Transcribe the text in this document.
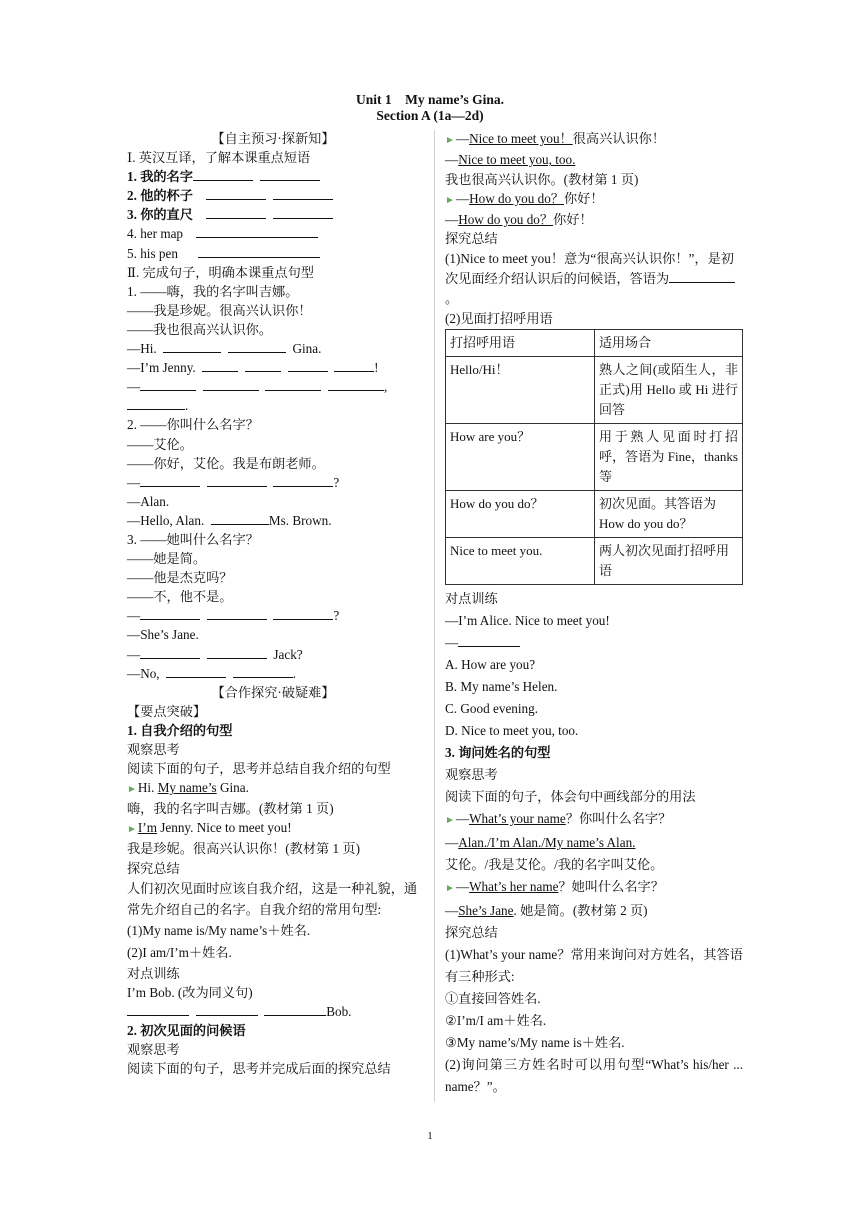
Unit 1　My name’s Gina.
Section A (1a—2d)
【自主预习·探新知】
Ⅰ. 英汉互译，了解本课重点短语
1. 我的名字
2. 他的杯子
3. 你的直尺
4. her map
5. his pen
Ⅱ. 完成句子，明确本课重点句型
1. ——嗨，我的名字叫吉娜。
——我是珍妮。很高兴认识你！
——我也很高兴认识你。
—Hi.	Gina.
—I’m Jenny.	!
—	,
.
2. ——你叫什么名字？
——艾伦。
——你好，艾伦。我是布朗老师。
—	?
—Alan.
—Hello, Alan.	Ms. Brown.
3. ——她叫什么名字？
——她是简。
——他是杰克吗？
——不，他不是。
—	?
—She’s Jane.
—	Jack?
—No,	.
【合作探究·破疑难】
【要点突破】
1. 自我介绍的句型
观察思考
阅读下面的句子，思考并总结自我介绍的句型
►Hi. My name’s Gina.
嗨，我的名字叫吉娜。(教材第 1 页)
►I’m Jenny. Nice to meet you!
我是珍妮。很高兴认识你！(教材第 1 页)
探究总结
人们初次见面时应该自我介绍，这是一种礼貌，通常先介绍自己的名字。自我介绍的常用句型:
(1)My name is/My name’s＋姓名.
(2)I am/I’m＋姓名.
对点训练
I’m Bob. (改为同义句)
Bob.
2. 初次见面的问候语
观察思考
阅读下面的句子，思考并完成后面的探究总结
►—Nice to meet you！很高兴认识你！
—Nice to meet you, too.
我也很高兴认识你。(教材第 1 页)
►—How do you do？你好！
—How do you do？你好！
探究总结
(1)Nice to meet you！意为“很高兴认识你！”，是初次见面经介绍认识后的问候语，答语为。
(2)见面打招呼用语
打招呼用语	适用场合
Hello/Hi！	熟人之间(或陌生人，非正式)用 Hello 或 Hi 进行回答
How are you？	用于熟人见面时打招呼，答语为 Fine，thanks 等
How do you do？	初次见面。其答语为 How do you do？
Nice to meet you.	两人初次见面打招呼用语
对点训练
—I’m Alice. Nice to meet you!
—
A. How are you?
B. My name’s Helen.
C. Good evening.
D. Nice to meet you, too.
3. 询问姓名的句型
观察思考
阅读下面的句子，体会句中画线部分的用法
►—What’s your name？你叫什么名字？
—Alan./I’m Alan./My name’s Alan.
艾伦。/我是艾伦。/我的名字叫艾伦。
►—What’s her name？她叫什么名字？
—She’s Jane. 她是简。(教材第 2 页)
探究总结
(1)What’s your name？常用来询问对方姓名，其答语有三种形式:
①直接回答姓名.
②I’m/I am＋姓名.
③My name’s/My name is＋姓名.
(2)询问第三方姓名时可以用句型“What’s his/her ... name？”。
1
